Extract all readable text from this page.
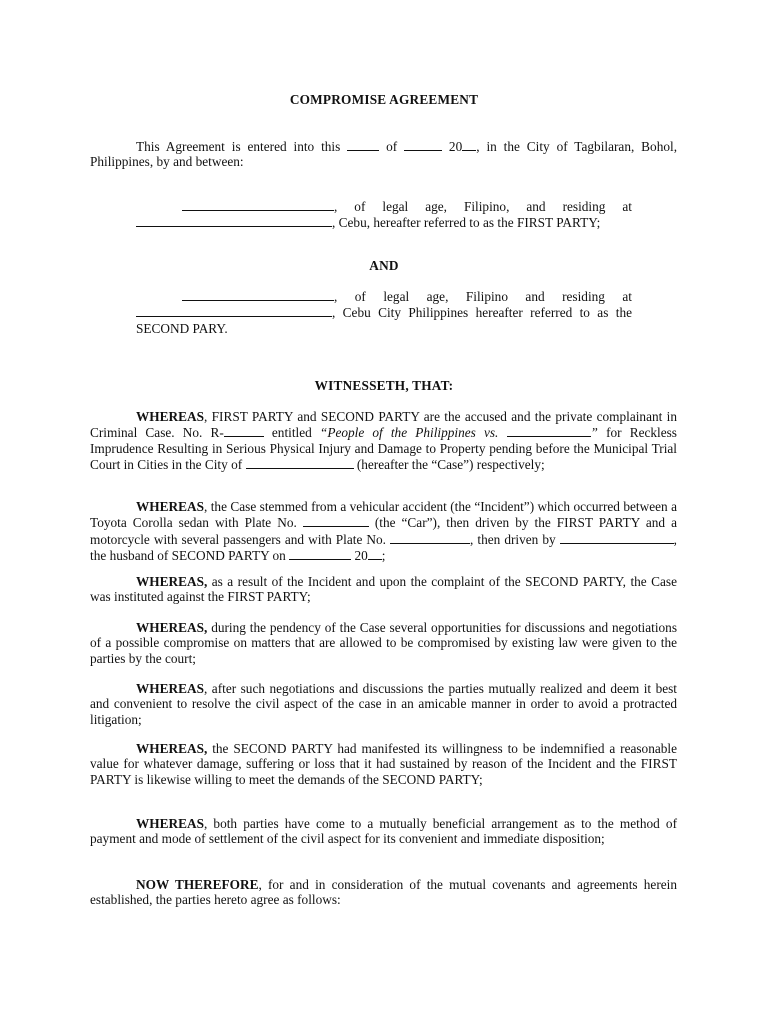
COMPROMISE AGREEMENT
This Agreement is entered into this  of	20 , in the City of Tagbilaran, Bohol, Philippines, by and between:
, of legal age, Filipino, and residing at , Cebu, hereafter referred to as the FIRST PARTY;
AND
, of legal age, Filipino and residing at , Cebu City Philippines hereafter referred to as the SECOND PARY.
WITNESSETH, THAT:
WHEREAS, FIRST PARTY and SECOND PARTY are the accused and the private complainant in Criminal Case. No. R-	entitled “People of the Philippines vs.	” for Reckless Imprudence Resulting in Serious Physical Injury and Damage to Property pending before the Municipal Trial Court in Cities in the City of	(hereafter the “Case”) respectively;
WHEREAS, the Case stemmed from a vehicular accident (the “Incident”) which occurred between a Toyota Corolla sedan with Plate No.	(the “Car”), then driven by the FIRST PARTY and a motorcycle with several passengers and with Plate No.	, then driven by	, the husband of SECOND PARTY on	20 ;
WHEREAS, as a result of the Incident and upon the complaint of the SECOND PARTY, the Case was instituted against the FIRST PARTY;
WHEREAS, during the pendency of the Case several opportunities for discussions and negotiations of a possible compromise on matters that are allowed to be compromised by existing law were given to the parties by the court;
WHEREAS, after such negotiations and discussions the parties mutually realized and deem it best and convenient to resolve the civil aspect of the case in an amicable manner in order to avoid a protracted litigation;
WHEREAS, the SECOND PARTY had manifested its willingness to be indemnified a reasonable value for whatever damage, suffering or loss that it had sustained by reason of the Incident and the FIRST PARTY is likewise willing to meet the demands of the SECOND PARTY;
WHEREAS, both parties have come to a mutually beneficial arrangement as to the method of payment and mode of settlement of the civil aspect for its convenient and immediate disposition;
NOW THEREFORE, for and in consideration of the mutual covenants and agreements herein established, the parties hereto agree as follows:
